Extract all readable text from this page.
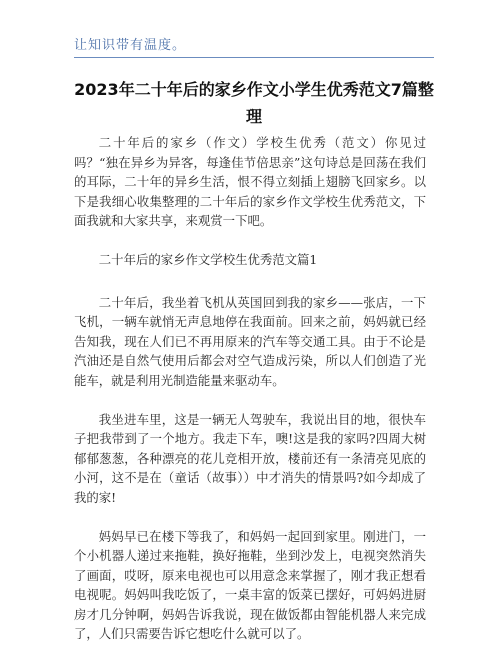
让知识带有温度。
2023年二十年后的家乡作文小学生优秀范文7篇整理

二十年后的家乡（作文）学校生优秀（范文）你见过吗？“独在异乡为异客，每逢佳节倍思亲”这句诗总是回荡在我们的耳际，二十年的异乡生活，恨不得立刻插上翅膀飞回家乡。以下是我细心收集整理的二十年后的家乡作文学校生优秀范文，下面我就和大家共享，来观赏一下吧。

二十年后的家乡作文学校生优秀范文篇1

二十年后，我坐着飞机从英国回到我的家乡——张店，一下飞机，一辆车就悄无声息地停在我面前。回来之前，妈妈就已经告知我，现在人们已不再用原来的汽车等交通工具。由于不论是汽油还是自然气使用后都会对空气造成污染，所以人们创造了光能车，就是利用光制造能量来驱动车。

我坐进车里，这是一辆无人驾驶车，我说出目的地，很快车子把我带到了一个地方。我走下车，噢!这是我的家吗?四周大树郁郁葱葱，各种漂亮的花儿竞相开放，楼前还有一条清亮见底的小河，这不是在（童话（故事））中才消失的情景吗?如今却成了我的家!

妈妈早已在楼下等我了，和妈妈一起回到家里。刚进门，一个小机器人递过来拖鞋，换好拖鞋，坐到沙发上，电视突然消失了画面，哎呀，原来电视也可以用意念来掌握了，刚才我正想看电视呢。妈妈叫我吃饭了，一桌丰富的饭菜已摆好，可妈妈进厨房才几分钟啊，妈妈告诉我说，现在做饭都由智能机器人来完成了，人们只需要告诉它想吃什么就可以了。
